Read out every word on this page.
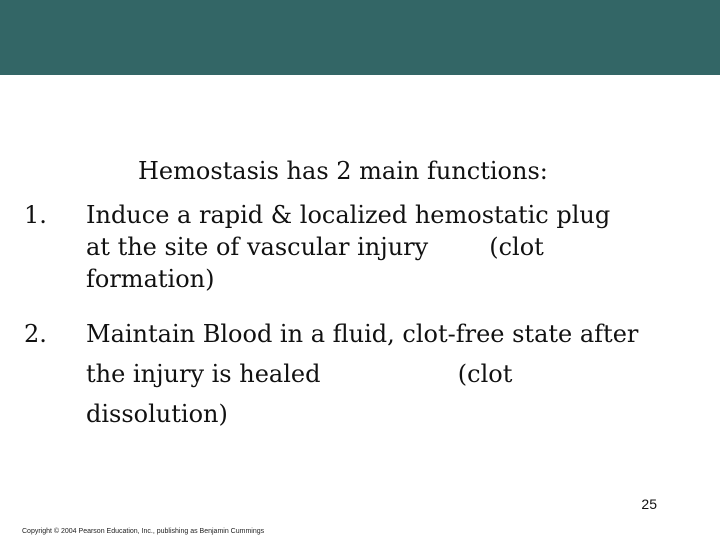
Hemostasis has 2 main functions:
1.	Induce a rapid & localized hemostatic plug
at the site of vascular injury        (clot
formation)
2.	Maintain Blood in a fluid, clot-free state after
the injury is healed                  (clot
dissolution)
25
Copyright © 2004 Pearson Education, Inc., publishing as Benjamin Cummings
